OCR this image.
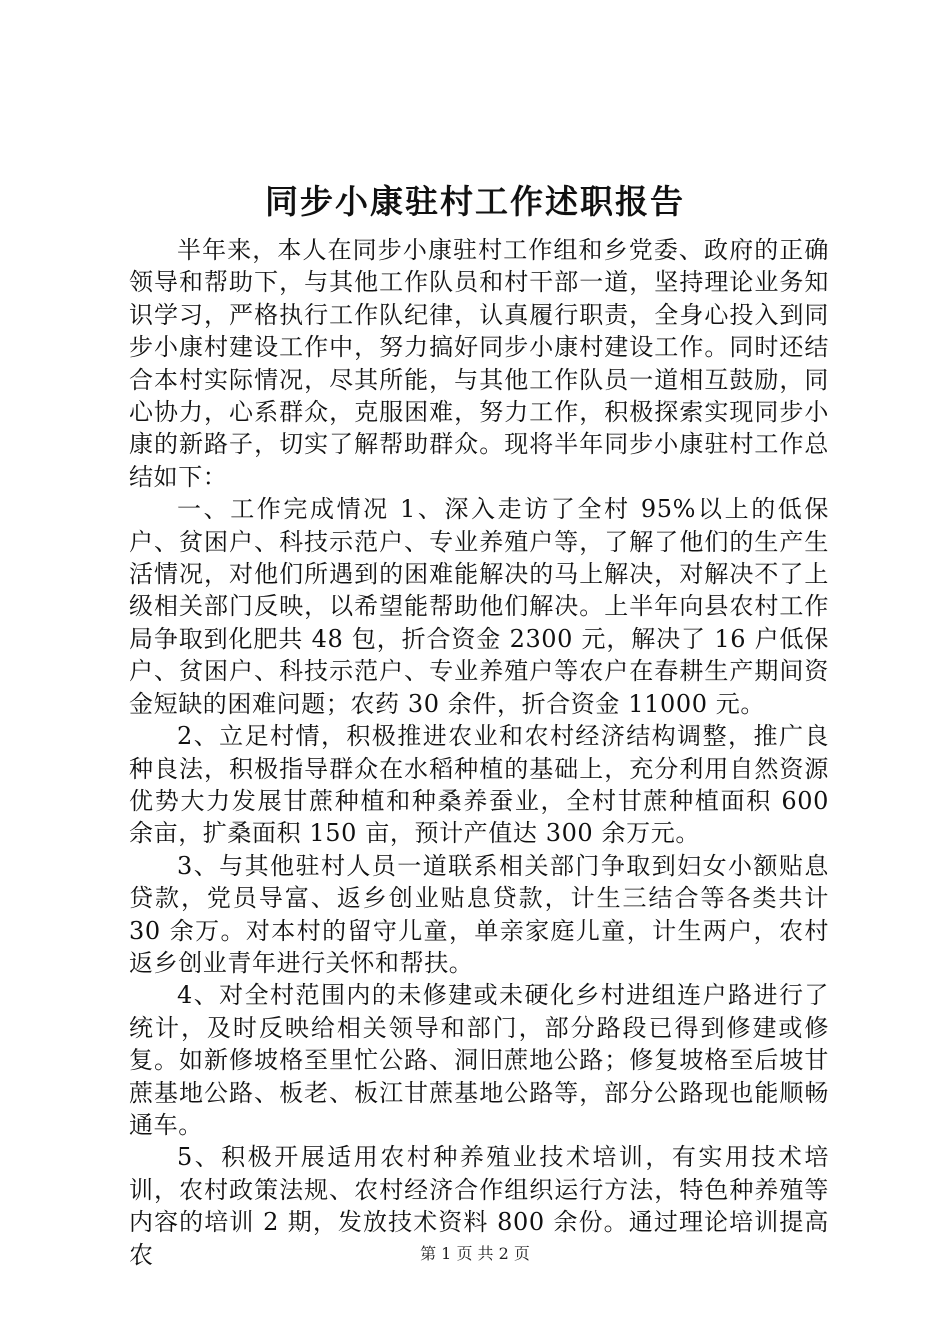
同步小康驻村工作述职报告

半年来，本人在同步小康驻村工作组和乡党委、政府的正确领导和帮助下，与其他工作队员和村干部一道，坚持理论业务知识学习，严格执行工作队纪律，认真履行职责，全身心投入到同步小康村建设工作中，努力搞好同步小康村建设工作。同时还结合本村实际情况，尽其所能，与其他工作队员一道相互鼓励，同心协力，心系群众，克服困难，努力工作，积极探索实现同步小康的新路子，切实了解帮助群众。现将半年同步小康驻村工作总结如下：

一、工作完成情况 1、深入走访了全村 95%以上的低保户、贫困户、科技示范户、专业养殖户等，了解了他们的生产生活情况，对他们所遇到的困难能解决的马上解决，对解决不了上级相关部门反映，以希望能帮助他们解决。上半年向县农村工作局争取到化肥共 48 包，折合资金 2300 元，解决了 16 户低保户、贫困户、科技示范户、专业养殖户等农户在春耕生产期间资金短缺的困难问题；农药 30 余件，折合资金 11000 元。

2、立足村情，积极推进农业和农村经济结构调整，推广良种良法，积极指导群众在水稻种植的基础上，充分利用自然资源优势大力发展甘蔗种植和种桑养蚕业，全村甘蔗种植面积 600 余亩，扩桑面积 150 亩，预计产值达 300 余万元。

3、与其他驻村人员一道联系相关部门争取到妇女小额贴息贷款，党员导富、返乡创业贴息贷款，计生三结合等各类共计 30 余万。对本村的留守儿童，单亲家庭儿童，计生两户，农村返乡创业青年进行关怀和帮扶。

4、对全村范围内的未修建或未硬化乡村进组连户路进行了统计，及时反映给相关领导和部门，部分路段已得到修建或修复。如新修坡格至里忙公路、洞旧蔗地公路；修复坡格至后坡甘蔗基地公路、板老、板江甘蔗基地公路等，部分公路现也能顺畅通车。

5、积极开展适用农村种养殖业技术培训，有实用技术培训，农村政策法规、农村经济合作组织运行方法，特色种养殖等内容的培训 2 期，发放技术资料 800 余份。通过理论培训提高农	第 1 页 共 2 页
